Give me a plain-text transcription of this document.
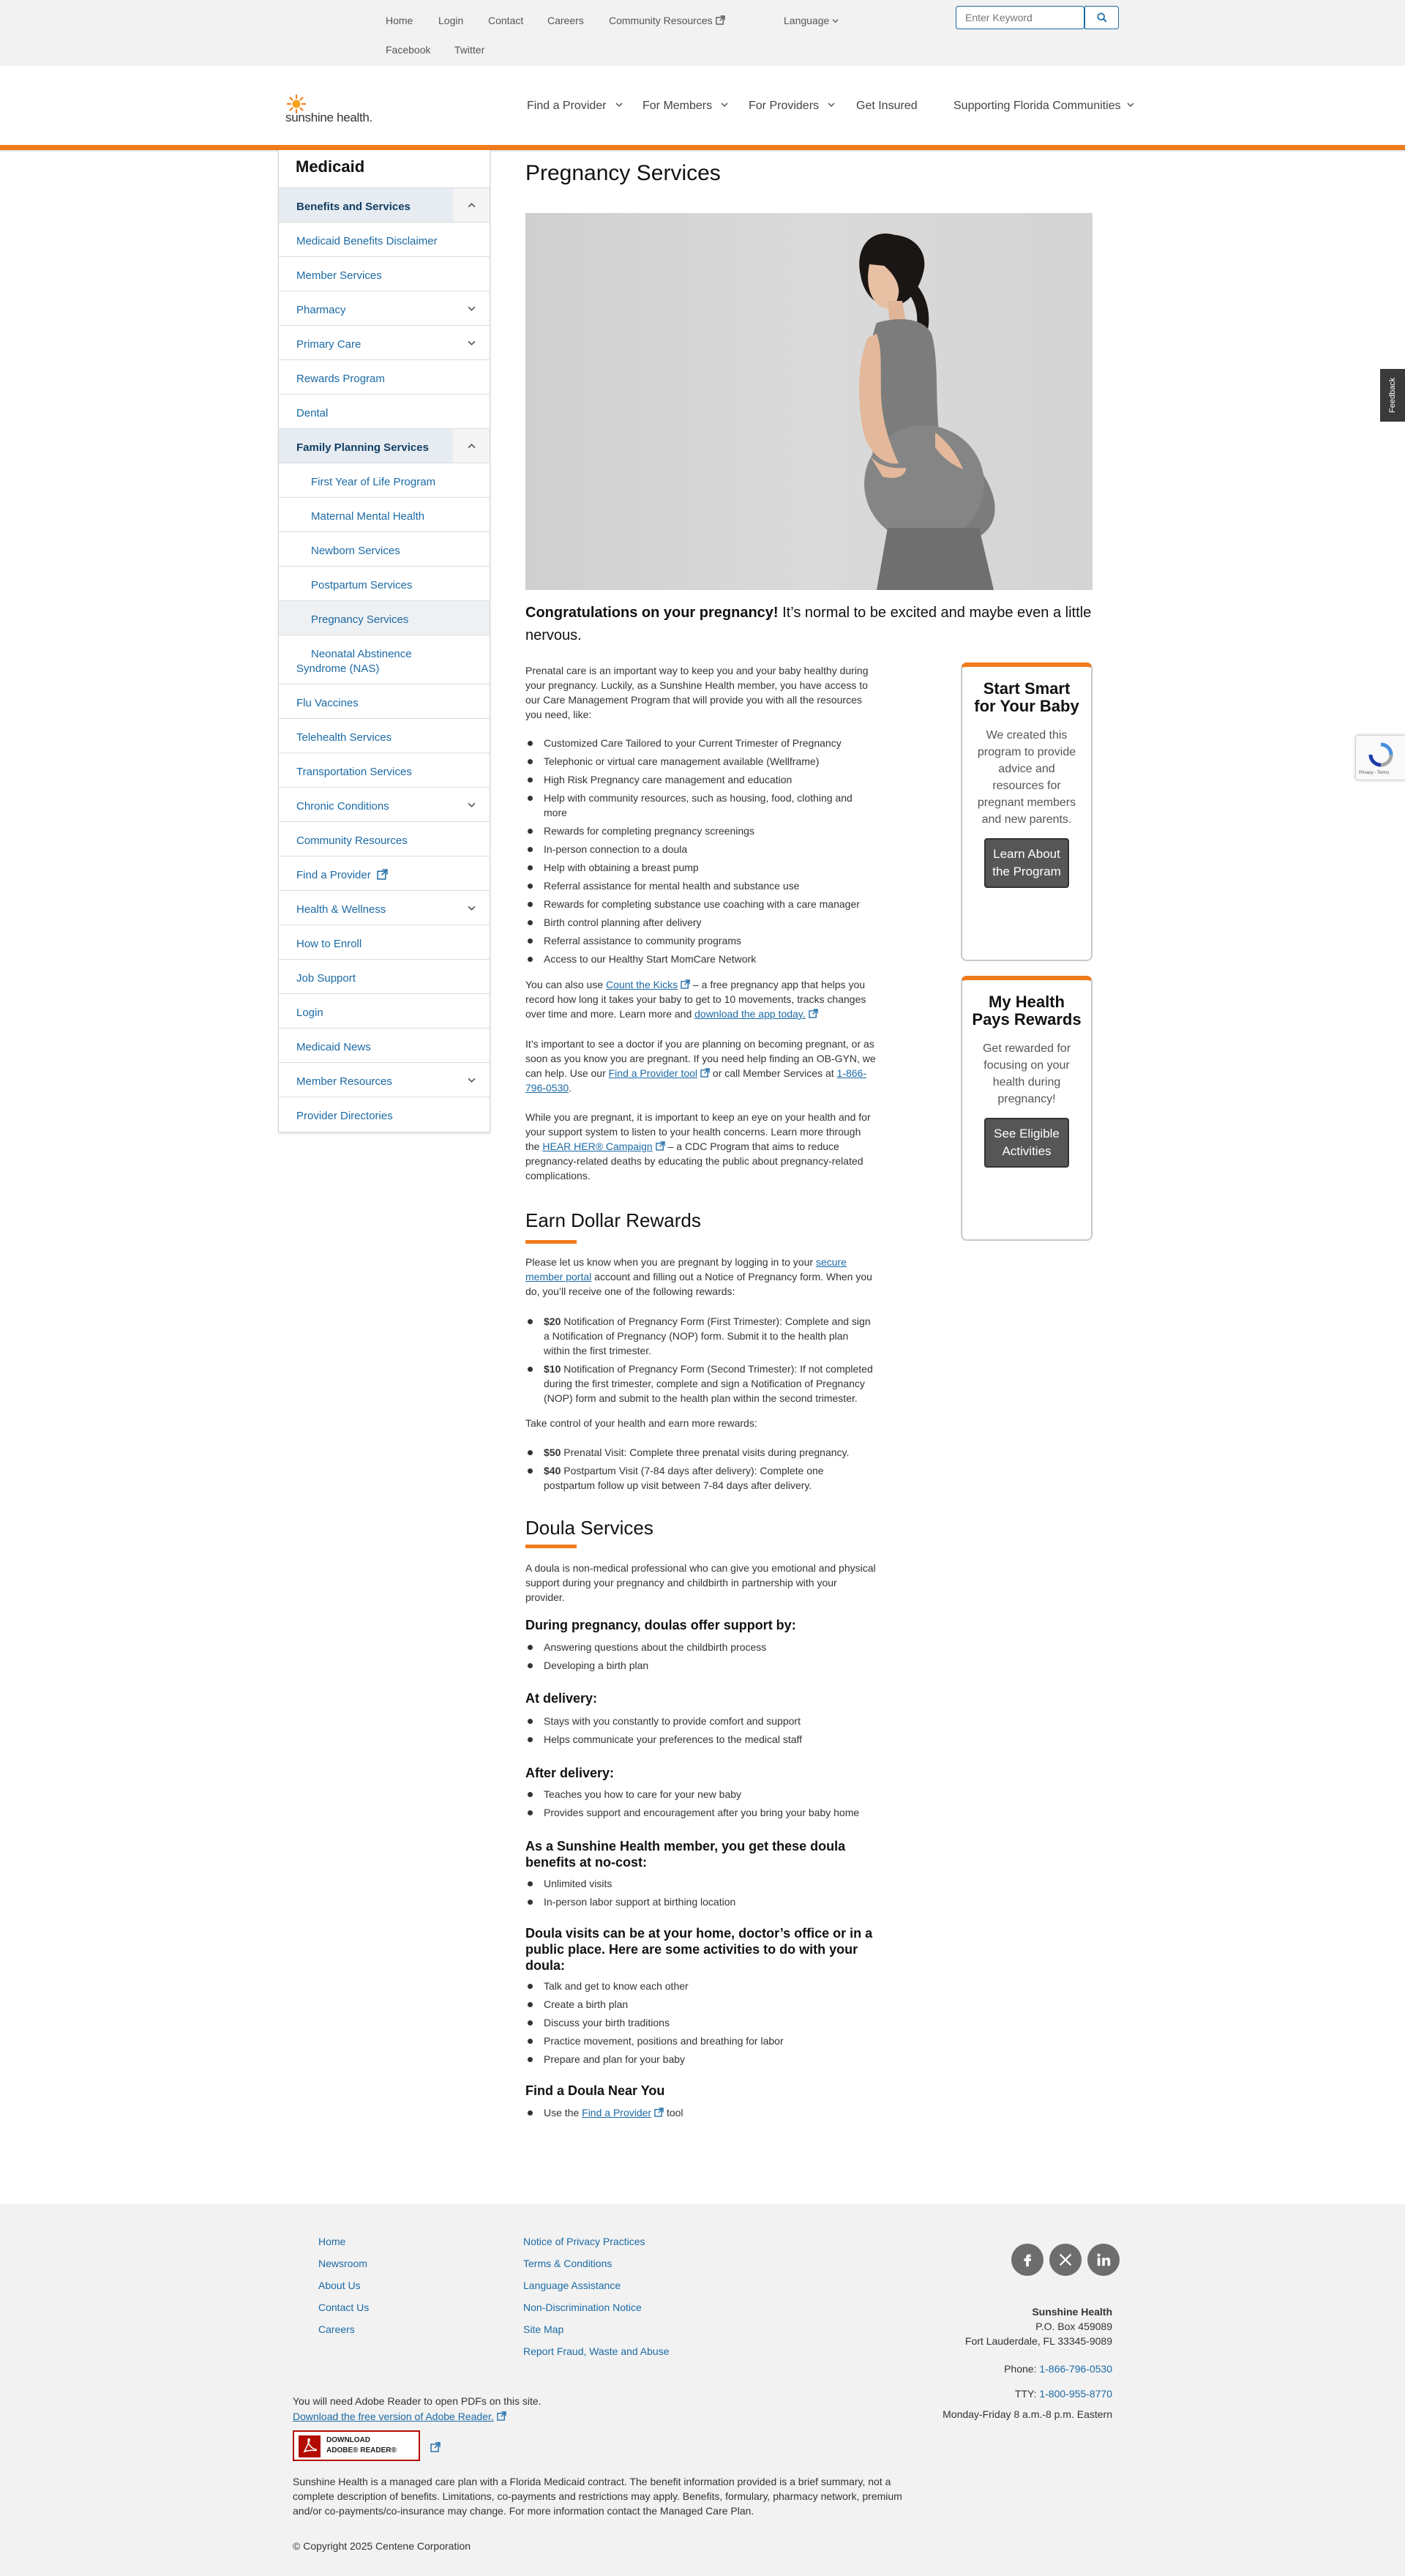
Home Login Contact Careers Community Resources	Language
Facebook Twitter
Enter Keyword
sunshine health.
Find a Provider	For Members	For Providers	Get Insured	Supporting Florida Communities
Medicaid
Benefits and Services
Medicaid Benefits Disclaimer
Member Services
Pharmacy
Primary Care
Rewards Program
Dental
Family Planning Services
First Year of Life Program
Maternal Mental Health
Newborn Services
Postpartum Services
Pregnancy Services
Neonatal Abstinence Syndrome (NAS)
Flu Vaccines
Telehealth Services
Transportation Services
Chronic Conditions
Community Resources
Find a Provider
Health & Wellness
How to Enroll
Job Support
Login
Medicaid News
Member Resources
Provider Directories
Pregnancy Services

Congratulations on your pregnancy! It’s normal to be excited and maybe even a little nervous.

Prenatal care is an important way to keep you and your baby healthy during your pregnancy. Luckily, as a Sunshine Health member, you have access to our Care Management Program that will provide you with all the resources you need, like:

Customized Care Tailored to your Current Trimester of Pregnancy
Telephonic or virtual care management available (Wellframe)
High Risk Pregnancy care management and education
Help with community resources, such as housing, food, clothing and more
Rewards for completing pregnancy screenings
In-person connection to a doula
Help with obtaining a breast pump
Referral assistance for mental health and substance use
Rewards for completing substance use coaching with a care manager
Birth control planning after delivery
Referral assistance to community programs
Access to our Healthy Start MomCare Network

You can also use Count the Kicks – a free pregnancy app that helps you record how long it takes your baby to get to 10 movements, tracks changes over time and more. Learn more and download the app today.

It’s important to see a doctor if you are planning on becoming pregnant, or as soon as you know you are pregnant. If you need help finding an OB-GYN, we can help. Use our Find a Provider tool or call Member Services at 1-866-796-0530.

While you are pregnant, it is important to keep an eye on your health and for your support system to listen to your health concerns. Learn more through the HEAR HER® Campaign – a CDC Program that aims to reduce pregnancy-related deaths by educating the public about pregnancy-related complications.

Earn Dollar Rewards

Please let us know when you are pregnant by logging in to your secure member portal account and filling out a Notice of Pregnancy form. When you do, you’ll receive one of the following rewards:

$20 Notification of Pregnancy Form (First Trimester): Complete and sign a Notification of Pregnancy (NOP) form. Submit it to the health plan within the first trimester.
$10 Notification of Pregnancy Form (Second Trimester): If not completed during the first trimester, complete and sign a Notification of Pregnancy (NOP) form and submit to the health plan within the second trimester.

Take control of your health and earn more rewards:

$50 Prenatal Visit: Complete three prenatal visits during pregnancy.
$40 Postpartum Visit (7-84 days after delivery): Complete one postpartum follow up visit between 7-84 days after delivery.
Doula Services

A doula is non-medical professional who can give you emotional and physical support during your pregnancy and childbirth in partnership with your provider.

During pregnancy, doulas offer support by:
Answering questions about the childbirth process
Developing a birth plan
At delivery:
Stays with you constantly to provide comfort and support
Helps communicate your preferences to the medical staff
After delivery:
Teaches you how to care for your new baby
Provides support and encouragement after you bring your baby home
As a Sunshine Health member, you get these doula benefits at no-cost:
Unlimited visits
In-person labor support at birthing location
Doula visits can be at your home, doctor’s office or in a public place. Here are some activities to do with your doula:
Talk and get to know each other
Create a birth plan
Discuss your birth traditions
Practice movement, positions and breathing for labor
Prepare and plan for your baby
Find a Doula Near You
Use the Find a Provider tool
Start Smart for Your Baby

We created this program to provide advice and resources for pregnant members and new parents.

Learn About the Program
My Health Pays Rewards

Get rewarded for focusing on your health during pregnancy!

See Eligible Activities
Feedback
Privacy - Terms
Home
Newsroom
About Us
Contact Us
Careers
Notice of Privacy Practices
Terms & Conditions
Language Assistance
Non-Discrimination Notice
Site Map
Report Fraud, Waste and Abuse
Sunshine Health
P.O. Box 459089
Fort Lauderdale, FL 33345-9089
Phone: 1-866-796-0530
TTY: 1-800-955-8770
Monday-Friday 8 a.m.-8 p.m. Eastern
You will need Adobe Reader to open PDFs on this site.
Download the free version of Adobe Reader.
DOWNLOAD
ADOBE® READER®

Sunshine Health is a managed care plan with a Florida Medicaid contract. The benefit information provided is a brief summary, not a complete description of benefits. Limitations, co-payments and restrictions may apply. Benefits, formulary, pharmacy network, premium and/or co-payments/co-insurance may change. For more information contact the Managed Care Plan.

© Copyright 2025 Centene Corporation
